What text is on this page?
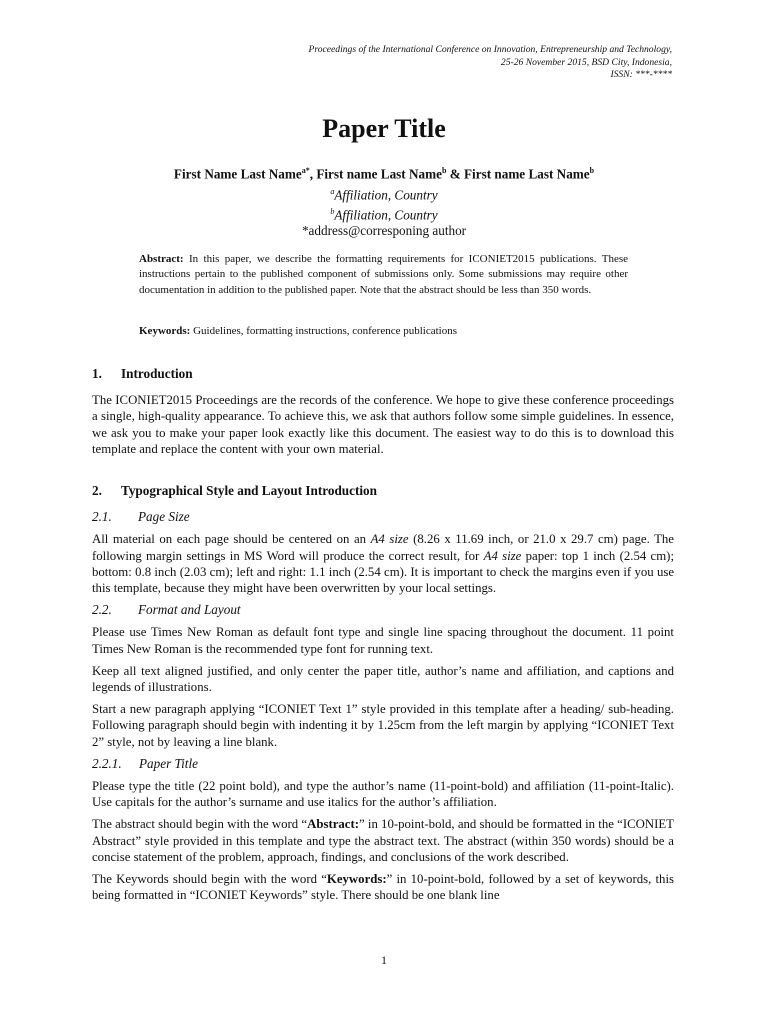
Proceedings of the International Conference on Innovation, Entrepreneurship and Technology,
25-26 November 2015, BSD City, Indonesia,
ISSN: ***-****
Paper Title
First Name Last Name$^{a*}$, First name Last Name$^b$ & First name Last Name$^b$
$^a$Affiliation, Country
$^b$Affiliation, Country
*address@corresponing author
Abstract: In this paper, we describe the formatting requirements for ICONIET2015 publications. These instructions pertain to the published component of submissions only. Some submissions may require other documentation in addition to the published paper. Note that the abstract should be less than 350 words.
Keywords: Guidelines, formatting instructions, conference publications
1. Introduction

The ICONIET2015 Proceedings are the records of the conference. We hope to give these conference proceedings a single, high-quality appearance. To achieve this, we ask that authors follow some simple guidelines. In essence, we ask you to make your paper look exactly like this document. The easiest way to do this is to download this template and replace the content with your own material.

2. Typographical Style and Layout Introduction
2.1. Page Size

All material on each page should be centered on an A4 size (8.26 x 11.69 inch, or 21.0 x 29.7 cm) page. The following margin settings in MS Word will produce the correct result, for A4 size paper: top 1 inch (2.54 cm); bottom: 0.8 inch (2.03 cm); left and right: 1.1 inch (2.54 cm). It is important to check the margins even if you use this template, because they might have been overwritten by your local settings.

2.2. Format and Layout

Please use Times New Roman as default font type and single line spacing throughout the document. 11 point Times New Roman is the recommended type font for running text.

Keep all text aligned justified, and only center the paper title, author’s name and affiliation, and captions and legends of illustrations.

Start a new paragraph applying “ICONIET Text 1” style provided in this template after a heading/ sub-heading. Following paragraph should begin with indenting it by 1.25cm from the left margin by applying “ICONIET Text 2” style, not by leaving a line blank.

2.2.1. Paper Title

Please type the title (22 point bold), and type the author’s name (11-point-bold) and affiliation (11-point-Italic). Use capitals for the author’s surname and use italics for the author’s affiliation.

The abstract should begin with the word “Abstract:” in 10-point-bold, and should be formatted in the “ICONIET Abstract” style provided in this template and type the abstract text. The abstract (within 350 words) should be a concise statement of the problem, approach, findings, and conclusions of the work described.

The Keywords should begin with the word “Keywords:” in 10-point-bold, followed by a set of keywords, this being formatted in “ICONIET Keywords” style. There should be one blank line

1
